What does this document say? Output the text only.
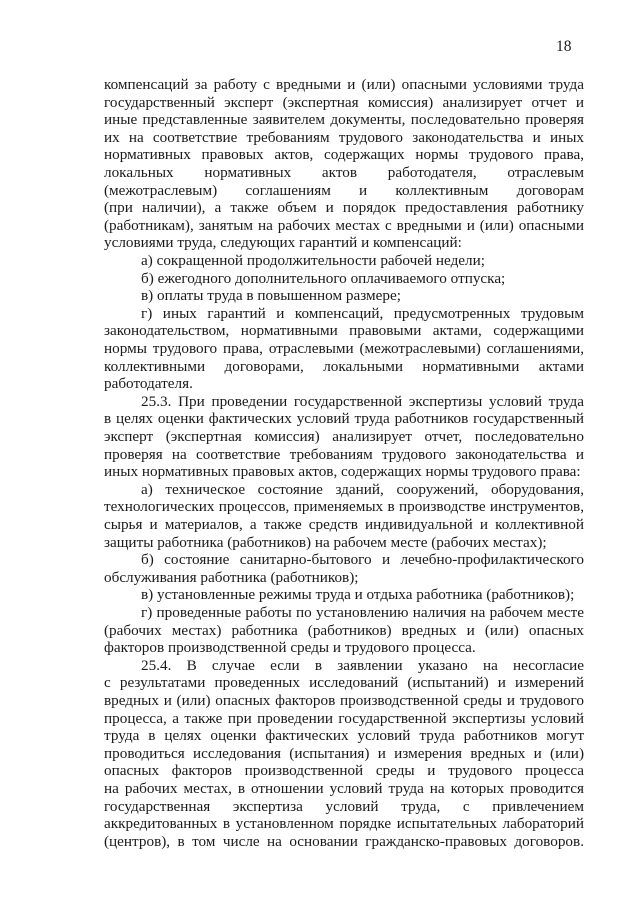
18
компенсаций за работу с вредными и (или) опасными условиями труда
государственный эксперт (экспертная комиссия) анализирует отчет и
иные представленные заявителем документы, последовательно проверяя
их на соответствие требованиям трудового законодательства и иных
нормативных правовых актов, содержащих нормы трудового права,
локальных нормативных актов работодателя, отраслевым
(межотраслевым) соглашениям и коллективным договорам
(при наличии), а также объем и порядок предоставления работнику
(работникам), занятым на рабочих местах с вредными и (или) опасными
условиями труда, следующих гарантий и компенсаций:
а) сокращенной продолжительности рабочей недели;
б) ежегодного дополнительного оплачиваемого отпуска;
в) оплаты труда в повышенном размере;
г) иных гарантий и компенсаций, предусмотренных трудовым
законодательством, нормативными правовыми актами, содержащими
нормы трудового права, отраслевыми (межотраслевыми) соглашениями,
коллективными договорами, локальными нормативными актами
работодателя.
25.3. При проведении государственной экспертизы условий труда
в целях оценки фактических условий труда работников государственный
эксперт (экспертная комиссия) анализирует отчет, последовательно
проверяя на соответствие требованиям трудового законодательства и
иных нормативных правовых актов, содержащих нормы трудового права:
а) техническое состояние зданий, сооружений, оборудования,
технологических процессов, применяемых в производстве инструментов,
сырья и материалов, а также средств индивидуальной и коллективной
защиты работника (работников) на рабочем месте (рабочих местах);
б) состояние санитарно-бытового и лечебно-профилактического
обслуживания работника (работников);
в) установленные режимы труда и отдыха работника (работников);
г) проведенные работы по установлению наличия на рабочем месте
(рабочих местах) работника (работников) вредных и (или) опасных
факторов производственной среды и трудового процесса.
25.4. В случае если в заявлении указано на несогласие
с результатами проведенных исследований (испытаний) и измерений
вредных и (или) опасных факторов производственной среды и трудового
процесса, а также при проведении государственной экспертизы условий
труда в целях оценки фактических условий труда работников могут
проводиться исследования (испытания) и измерения вредных и (или)
опасных факторов производственной среды и трудового процесса
на рабочих местах, в отношении условий труда на которых проводится
государственная экспертиза условий труда, с привлечением
аккредитованных в установленном порядке испытательных лабораторий
(центров), в том числе на основании гражданско-правовых договоров.
